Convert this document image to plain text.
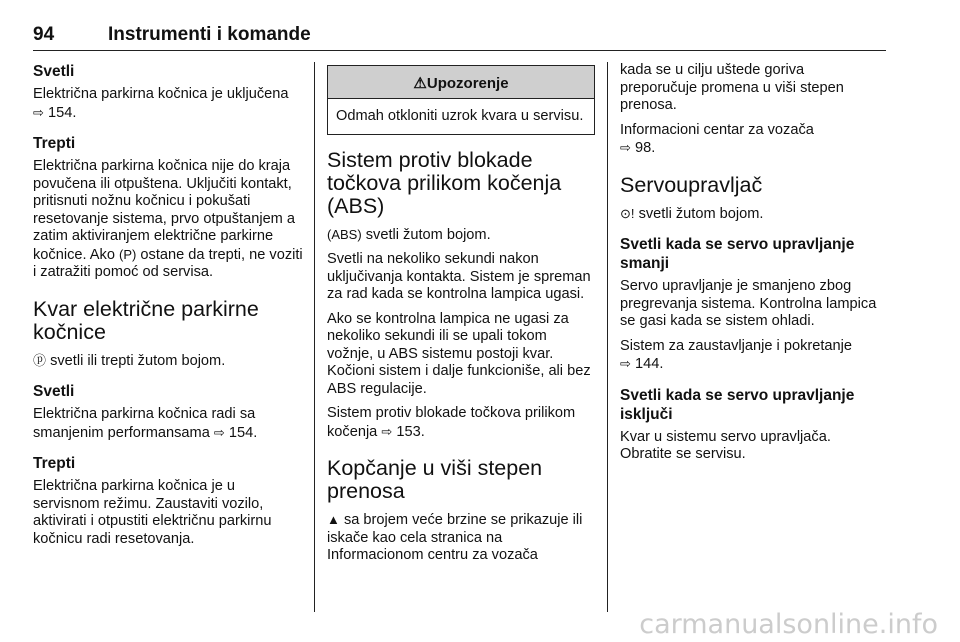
94	Instrumenti i komande
Svetli

Električna parkirna kočnica je uključena ⇨ 154.

Trepti

Električna parkirna kočnica nije do kraja povučena ili otpuštena. Uključiti kontakt, pritisnuti nožnu kočnicu i pokušati resetovanje sistema, prvo otpuštanjem a zatim aktiviranjem električne parkirne kočnice. Ako (P) ostane da trepti, ne voziti i zatražiti pomoć od servisa.

Kvar električne parkirne kočnice

ⓟ svetli ili trepti žutom bojom.

Svetli

Električna parkirna kočnica radi sa smanjenim performansama ⇨ 154.

Trepti

Električna parkirna kočnica je u servisnom režimu. Zaustaviti vozilo, aktivirati i otpustiti električnu parkirnu kočnicu radi resetovanja.

⚠Upozorenje
Odmah otkloniti uzrok kvara u servisu.
Sistem protiv blokade točkova prilikom kočenja (ABS)

(ABS) svetli žutom bojom.

Svetli na nekoliko sekundi nakon uključivanja kontakta. Sistem je spreman za rad kada se kontrolna lampica ugasi.

Ako se kontrolna lampica ne ugasi za nekoliko sekundi ili se upali tokom vožnje, u ABS sistemu postoji kvar. Kočioni sistem i dalje funkcioniše, ali bez ABS regulacije.

Sistem protiv blokade točkova prilikom kočenja ⇨ 153.

Kopčanje u viši stepen prenosa

▲ sa brojem veće brzine se prikazuje ili iskače kao cela stranica na Informacionom centru za vozača

kada se u cilju uštede goriva preporučuje promena u viši stepen prenosa.

Informacioni centar za vozača
⇨ 98.

Servoupravljač

⊙! svetli žutom bojom.

Svetli kada se servo upravljanje smanji

Servo upravljanje je smanjeno zbog pregrevanja sistema. Kontrolna lampica se gasi kada se sistem ohladi.

Sistem za zaustavljanje i pokretanje
⇨ 144.

Svetli kada se servo upravljanje isključi

Kvar u sistemu servo upravljača. Obratite se servisu.

carmanualsonline.info
